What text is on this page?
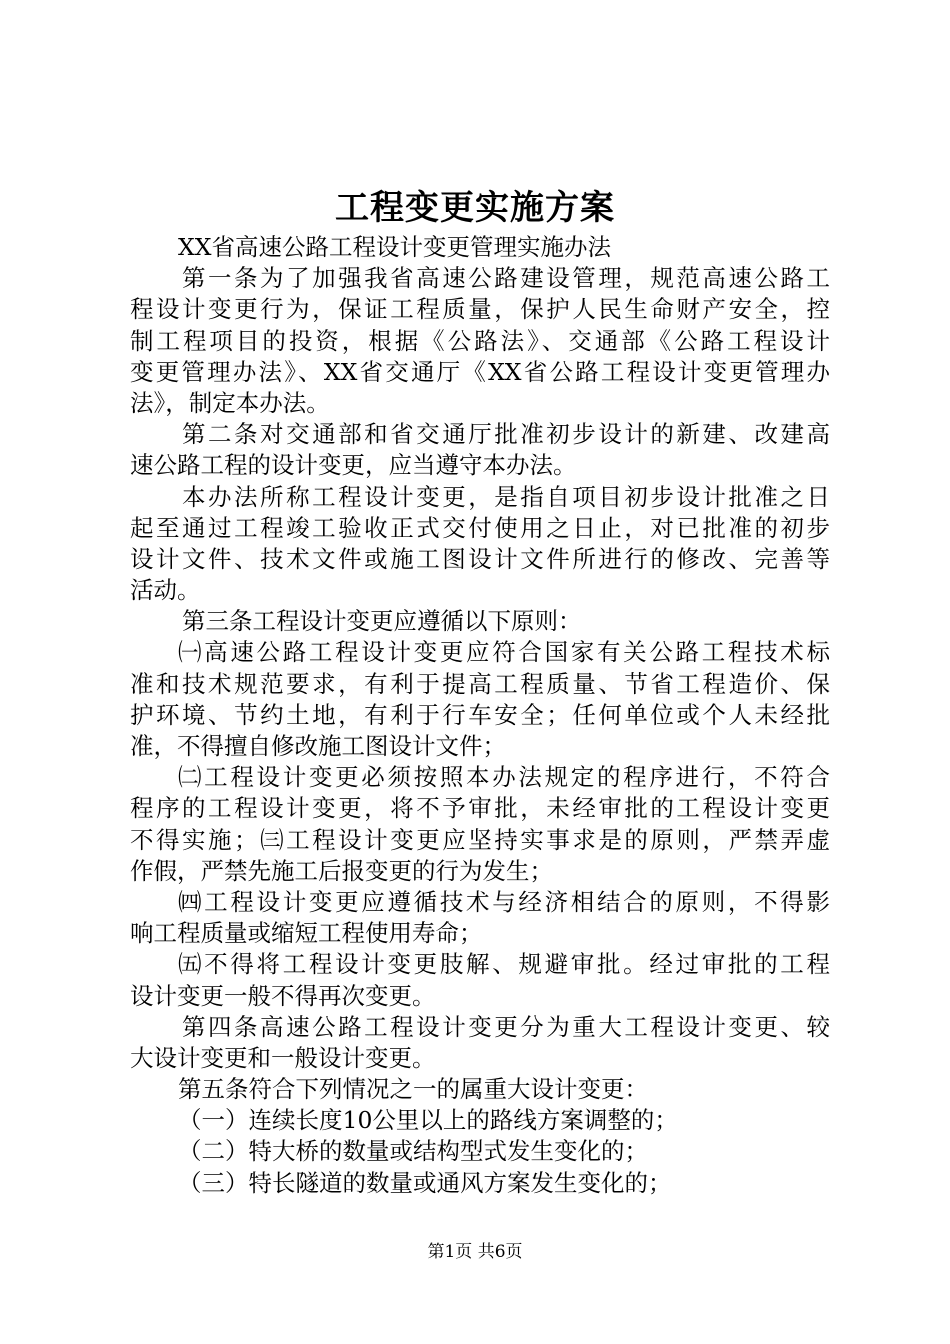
工程变更实施方案
XX省高速公路工程设计变更管理实施办法
第一条为了加强我省高速公路建设管理，规范高速公路工
程设计变更行为，保证工程质量，保护人民生命财产安全，控
制工程项目的投资，根据《公路法》、交通部《公路工程设计
变更管理办法》、XX省交通厅《XX省公路工程设计变更管理办
法》，制定本办法。
第二条对交通部和省交通厅批准初步设计的新建、改建高
速公路工程的设计变更，应当遵守本办法。
本办法所称工程设计变更，是指自项目初步设计批准之日
起至通过工程竣工验收正式交付使用之日止，对已批准的初步
设计文件、技术文件或施工图设计文件所进行的修改、完善等
活动。
第三条工程设计变更应遵循以下原则：
㈠高速公路工程设计变更应符合国家有关公路工程技术标
准和技术规范要求，有利于提高工程质量、节省工程造价、保
护环境、节约土地，有利于行车安全；任何单位或个人未经批
准，不得擅自修改施工图设计文件；
㈡工程设计变更必须按照本办法规定的程序进行，不符合
程序的工程设计变更，将不予审批，未经审批的工程设计变更
不得实施；㈢工程设计变更应坚持实事求是的原则，严禁弄虚
作假，严禁先施工后报变更的行为发生；
㈣工程设计变更应遵循技术与经济相结合的原则，不得影
响工程质量或缩短工程使用寿命；
㈤不得将工程设计变更肢解、规避审批。经过审批的工程
设计变更一般不得再次变更。
第四条高速公路工程设计变更分为重大工程设计变更、较
大设计变更和一般设计变更。
第五条符合下列情况之一的属重大设计变更：
（一）连续长度10公里以上的路线方案调整的；
（二）特大桥的数量或结构型式发生变化的；
（三）特长隧道的数量或通风方案发生变化的；
第1页 共6页
